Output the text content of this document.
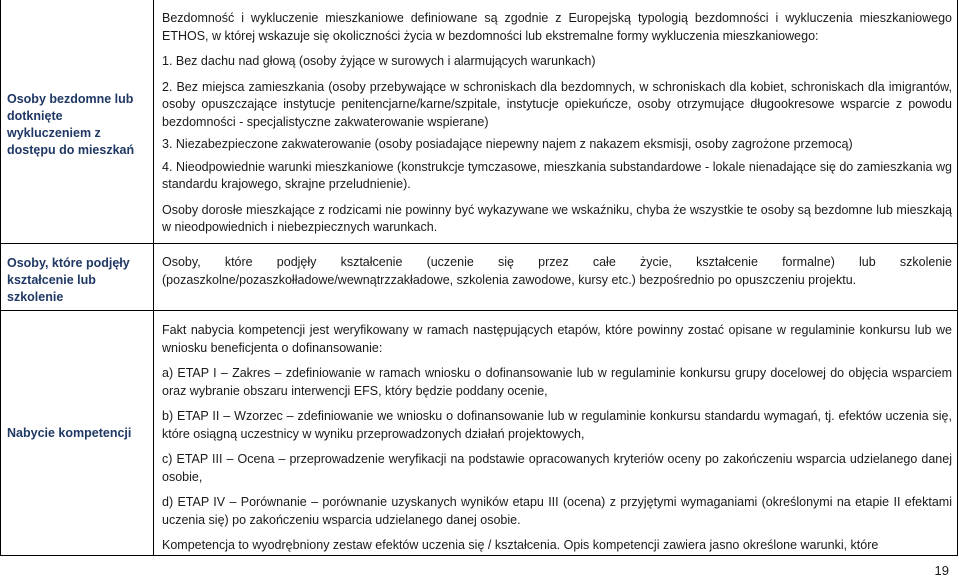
Osoby bezdomne lub dotknięte wykluczeniem z dostępu do mieszkań

Bezdomność i wykluczenie mieszkaniowe definiowane są zgodnie z Europejską typologią bezdomności i wykluczenia mieszkaniowego ETHOS, w której wskazuje się okoliczności życia w bezdomności lub ekstremalne formy wykluczenia mieszkaniowego:

1. Bez dachu nad głową (osoby żyjące w surowych i alarmujących warunkach)

2. Bez miejsca zamieszkania (osoby przebywające w schroniskach dla bezdomnych, w schroniskach dla kobiet, schroniskach dla imigrantów, osoby opuszczające instytucje penitencjarne/karne/szpitale, instytucje opiekuńcze, osoby otrzymujące długookresowe wsparcie z powodu bezdomności - specjalistyczne zakwaterowanie wspierane)

3. Niezabezpieczone zakwaterowanie (osoby posiadające niepewny najem z nakazem eksmisji, osoby zagrożone przemocą)

4. Nieodpowiednie warunki mieszkaniowe (konstrukcje tymczasowe, mieszkania substandardowe - lokale nienadające się do zamieszkania wg standardu krajowego, skrajne przeludnienie).

Osoby dorosłe mieszkające z rodzicami nie powinny być wykazywane we wskaźniku, chyba że wszystkie te osoby są bezdomne lub mieszkają w nieodpowiednich i niebezpiecznych warunkach.

Osoby, które podjęły kształcenie lub szkolenie

Osoby, które podjęły kształcenie (uczenie się przez całe życie, kształcenie formalne) lub szkolenie (pozaszkolne/pozaszkołładowe/wewnątrzzakładowe, szkolenia zawodowe, kursy etc.) bezpośrednio po opuszczeniu projektu.

Nabycie kompetencji

Fakt nabycia kompetencji jest weryfikowany w ramach następujących etapów, które powinny zostać opisane w regulaminie konkursu lub we wniosku beneficjenta o dofinansowanie:

a) ETAP I – Zakres – zdefiniowanie w ramach wniosku o dofinansowanie lub w regulaminie konkursu grupy docelowej do objęcia wsparciem oraz wybranie obszaru interwencji EFS, który będzie poddany ocenie,

b) ETAP II – Wzorzec – zdefiniowanie we wniosku o dofinansowanie lub w regulaminie konkursu standardu wymagań, tj. efektów uczenia się, które osiągną uczestnicy w wyniku przeprowadzonych działań projektowych,

c) ETAP III – Ocena – przeprowadzenie weryfikacji na podstawie opracowanych kryteriów oceny po zakończeniu wsparcia udzielanego danej osobie,

d) ETAP IV – Porównanie – porównanie uzyskanych wyników etapu III (ocena) z przyjętymi wymaganiami (określonymi na etapie II efektami uczenia się) po zakończeniu wsparcia udzielanego danej osobie.

Kompetencja to wyodrębniony zestaw efektów uczenia się / kształcenia. Opis kompetencji zawiera jasno określone warunki, które

19
